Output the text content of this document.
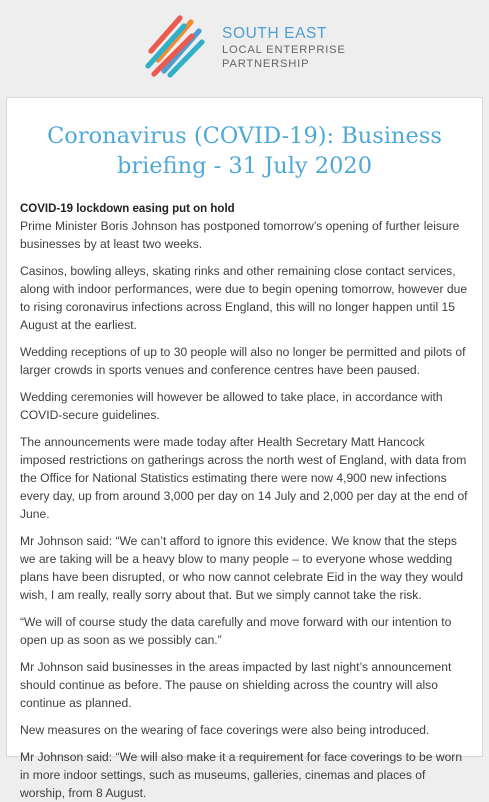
SOUTH EAST
LOCAL ENTERPRISE
PARTNERSHIP
Coronavirus (COVID-19): Business briefing - 31 July 2020
COVID-19 lockdown easing put on hold

Prime Minister Boris Johnson has postponed tomorrow’s opening of further leisure businesses by at least two weeks.

Casinos, bowling alleys, skating rinks and other remaining close contact services, along with indoor performances, were due to begin opening tomorrow, however due to rising coronavirus infections across England, this will no longer happen until 15 August at the earliest.

Wedding receptions of up to 30 people will also no longer be permitted and pilots of larger crowds in sports venues and conference centres have been paused.

Wedding ceremonies will however be allowed to take place, in accordance with COVID-secure guidelines.

The announcements were made today after Health Secretary Matt Hancock imposed restrictions on gatherings across the north west of England, with data from the Office for National Statistics estimating there were now 4,900 new infections every day, up from around 3,000 per day on 14 July and 2,000 per day at the end of June.

Mr Johnson said: “We can’t afford to ignore this evidence. We know that the steps we are taking will be a heavy blow to many people – to everyone whose wedding plans have been disrupted, or who now cannot celebrate Eid in the way they would wish, I am really, really sorry about that. But we simply cannot take the risk.

“We will of course study the data carefully and move forward with our intention to open up as soon as we possibly can.”

Mr Johnson said businesses in the areas impacted by last night’s announcement should continue as before. The pause on shielding across the country will also continue as planned.

New measures on the wearing of face coverings were also being introduced.

Mr Johnson said: “We will also make it a requirement for face coverings to be worn in more indoor settings, such as museums, galleries, cinemas and places of worship, from 8 August.
